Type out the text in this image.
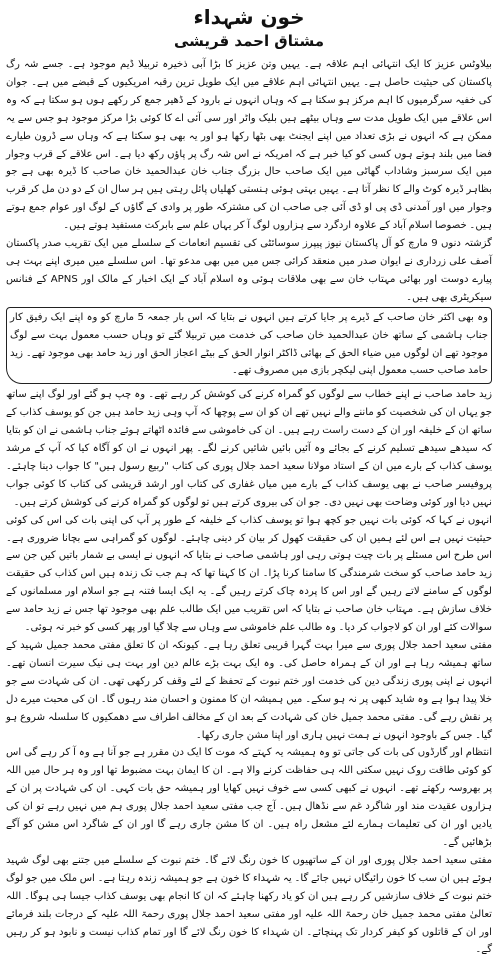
خون شہداء
مشتاق احمد قریشی

بیلاوٹس عزیز کا ایک انتہائی اہم علاقہ ہے۔ یہیں وتن عزیز کا بڑا آبی ذخیرہ تربیلا ڈیم موجود ہے۔ جسے شہ رگ پاکستان کی حیثیت حاصل ہے۔ یہیں انتہائی اہم علاقے میں ایک طویل ترین رقبہ امریکیوں کے قبضے میں ہے۔ جوان کی خفیہ سرگرمیوں کا اہم مرکز ہو سکتا ہے کہ وہاں انہوں نے بارود کے ڈھیر جمع کر رکھے ہوں ہو سکتا ہے کہ وہ اس علاقے میں ایک طویل مدت سے وہاں بیٹھے ہیں بلیک واٹر اور سی آئی اے کا کوئی بڑا مرکز موجود ہو جس سے یہ ممکن ہے کہ انہوں نے بڑی تعداد میں اپنے ایجنٹ بھی بٹھا رکھا ہو اور یہ بھی ہو سکتا ہے کہ وہاں سے ڈرون طیارے فضا میں بلند ہوتے ہوں کسی کو کیا خبر ہے کہ امریکہ نے اس شہ رگ پر پاؤں رکھ دیا ہے۔ اس علاقے کے قرب وجوار میں ایک سرسبز وشاداب گھاٹی میں ایک صاحب حال بزرگ جناب خان عبدالحمید خان صاحب کا ڈیرہ بھی ہے جو بظاہر ڈیرہ کوٹ والے کا نظر آتا ہے۔ یہیں بہتی ہوئی ہنستی کھلیاں پائل رہتی ہیں ہر سال ان کے دو دن مل کر قرب وجوار میں اور آمدنی ڈی پی او ڈی آئی جی صاحب ان کی مشترکہ طور پر وادی کے گاؤں کے لوگ اور عوام جمع ہوتے ہیں۔ خصوصا اسلام آباد کے علاوہ اردگرد سے ہزاروں لوگ آ کر یہاں علم سے بابرکت مستفید ہوتے ہیں۔

گزشتہ دنوں 9 مارچ کو آل پاکستان نیوز پیپرز سوسائٹی کی تقسیم انعامات کے سلسلے میں ایک تقریب صدر پاکستان آصف علی زرداری نے ایوان صدر میں منعقد کرائی جس میں میں بھی مدعو تھا۔ اس سلسلے میں میری اپنے بہت ہی پیارے دوست اور بھائی مہتاب خان سے بھی ملاقات ہوئی وہ اسلام آباد کے ایک اخبار کے مالک اور APNS کے فنانس سیکریٹری بھی ہیں۔

وہ بھی اکثر خان صاحب کے ڈیرے پر جایا کرتے ہیں انہوں نے بتایا کہ اس بار جمعہ 5 مارچ کو وہ اپنے ایک رفیق کار جناب ہاشمی کے ساتھ خان عبدالحمید خان صاحب کی خدمت میں تربیلا گئے تو وہاں حسب معمول بہت سے لوگ موجود تھے ان لوگوں میں ضیاء الحق کے بھائی ڈاکٹر انوار الحق کے بیٹے اعجاز الحق اور زید حامد بھی موجود تھے۔ زید حامد صاحب حسب معمول اپنی لیکچر بازی میں مصروف تھے۔

زید حامد صاحب نے اپنے خطاب سے لوگوں کو گمراہ کرنے کی کوشش کر رہے تھے۔ وہ چپ ہو گئے اور لوگ اپنے ساتھ جو یہاں ان کی شخصیت کو ماننے والے نہیں تھے ان کو ان سے پوچھا کہ آپ وہی زید حامد ہیں جن کو یوسف کذاب کے ساتھ ان کے خلیفہ اور ان کے دست راست رہے ہیں۔ ان کی خاموشی سے فائدہ اٹھاتے ہوئے جناب ہاشمی نے ان کو بتایا کہ سیدھے سیدھے تسلیم کرنے کے بجائے وہ آئیں بائیں شائیں کرنے لگے۔ پھر انہوں نے ان کو آگاہ کیا کہ آپ کے مرشد یوسف کذاب کے بارے میں ان کے استاد مولانا سعید احمد جلال پوری کی کتاب "ربیع رسول ہیں" کا جواب دینا چاہئے۔ پروفیسر صاحب نے بھی یوسف کذاب کے بارے میں میاں غفاری کی کتاب اور ارشد قریشی کی کتاب کا کوئی جواب نہیں دیا اور کوئی وضاحت بھی نہیں دی۔ جو ان کی بیروی کرتے ہیں تو لوگوں کو گمراہ کرنے کی کوشش کرتے ہیں۔

انہوں نے کہا کہ کوئی بات نہیں جو کچھ ہوا تو یوسف کذاب کے خلیفہ کے طور پر آپ کی اپنی بات کی اس کی کوئی حیثیت نہیں ہے اس لئے ہمیں ان کی حقیقت کھول کر بیان کر دینی چاہئے۔ لوگوں کو گمراہی سے بچانا ضروری ہے۔ اس طرح اس مسئلے پر بات چیت ہوتی رہی اور ہاشمی صاحب نے بتایا کہ انہوں نے ایسی بے شمار باتیں کیں جن سے زید حامد صاحب کو سخت شرمندگی کا سامنا کرنا پڑا۔ ان کا کہنا تھا کہ ہم جب تک زندہ ہیں اس کذاب کی حقیقت لوگوں کے سامنے لاتے رہیں گے اور اس کا پردہ چاک کرتے رہیں گے۔ یہ ایک ایسا فتنہ ہے جو اسلام اور مسلمانوں کے خلاف سازش ہے۔ مہتاب خان صاحب نے بتایا کہ اس تقریب میں ایک طالب علم بھی موجود تھا جس نے زید حامد سے سوالات کئے اور ان کو لاجواب کر دیا۔ وہ طالب علم خاموشی سے وہاں سے چلا گیا اور پھر کسی کو خبر نہ ہوئی۔

مفتی سعید احمد جلال پوری سے میرا بہت گہرا قریبی تعلق رہا ہے۔ کیونکہ ان کا تعلق مفتی محمد جمیل شہید کے ساتھ ہمیشہ رہا ہے اور ان کے ہمراہ حاصل کی۔ وہ ایک بہت بڑے عالم دین اور بہت ہی نیک سیرت انسان تھے۔ انہوں نے اپنی پوری زندگی دین کی خدمت اور ختم نبوت کے تحفظ کے لئے وقف کر رکھی تھی۔ ان کی شہادت سے جو خلا پیدا ہوا ہے وہ شاید کبھی پر نہ ہو سکے۔ میں ہمیشہ ان کا ممنون و احسان مند رہوں گا۔ ان کی محبت میرے دل پر نقش رہے گی۔ مفتی محمد جمیل خان کی شہادت کے بعد ان کے مخالف اطراف سے دھمکیوں کا سلسلہ شروع ہو گیا۔ جس کے باوجود انہوں نے ہمت نہیں ہاری اور اپنا مشن جاری رکھا۔

انتظام اور گارڈوں کی بات کی جاتی تو وہ ہمیشہ یہ کہتے کہ موت کا ایک دن مقرر ہے جو آنا ہے وہ آ کر رہے گی اس کو کوئی طاقت روک نہیں سکتی اللہ ہی حفاظت کرنے والا ہے۔ ان کا ایمان بہت مضبوط تھا اور وہ ہر حال میں اللہ پر بھروسہ رکھتے تھے۔ انہوں نے کبھی کسی سے خوف نہیں کھایا اور ہمیشہ حق بات کہی۔ ان کی شہادت پر ان کے ہزاروں عقیدت مند اور شاگرد غم سے نڈھال ہیں۔ آج جب مفتی سعید احمد جلال پوری ہم میں نہیں رہے تو ان کی یادیں اور ان کی تعلیمات ہمارے لئے مشعل راہ ہیں۔ ان کا مشن جاری رہے گا اور ان کے شاگرد اس مشن کو آگے بڑھائیں گے۔

مفتی سعید احمد جلال پوری اور ان کے ساتھیوں کا خون رنگ لائے گا۔ ختم نبوت کے سلسلے میں جتنے بھی لوگ شہید ہوئے ہیں ان سب کا خون رائیگاں نہیں جائے گا۔ یہ شہداء کا خون ہے جو ہمیشہ زندہ رہتا ہے۔ اس ملک میں جو لوگ ختم نبوت کے خلاف سازشیں کر رہے ہیں ان کو یاد رکھنا چاہئے کہ ان کا انجام بھی یوسف کذاب جیسا ہی ہوگا۔ اللہ تعالیٰ مفتی محمد جمیل خان رحمۃ اللہ علیہ اور مفتی سعید احمد جلال پوری رحمۃ اللہ علیہ کے درجات بلند فرمائے اور ان کے قاتلوں کو کیفر کردار تک پہنچائے۔ ان شہداء کا خون رنگ لائے گا اور تمام کذاب نیست و نابود ہو کر رہیں گے۔
